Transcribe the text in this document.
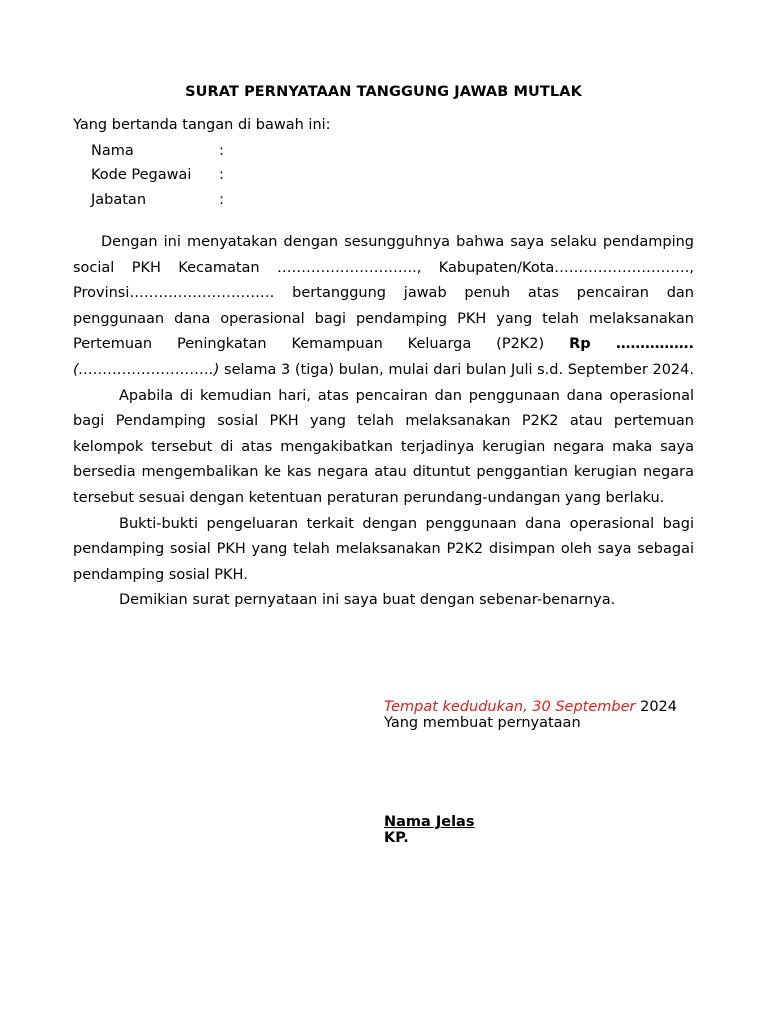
SURAT PERNYATAAN TANGGUNG JAWAB MUTLAK
Yang bertanda tangan di bawah ini:
Nama	:
Kode Pegawai	:
Jabatan	:

Dengan ini menyatakan dengan sesungguhnya bahwa saya selaku pendamping social PKH Kecamatan ……………………….., Kabupaten/Kota………………………., Provinsi………………………… bertanggung jawab penuh atas pencairan dan penggunaan dana operasional bagi pendamping PKH yang telah melaksanakan Pertemuan Peningkatan Kemampuan Keluarga (P2K2) Rp ……………. (……………………….) selama 3 (tiga) bulan, mulai dari bulan Juli s.d. September 2024.

Apabila di kemudian hari, atas pencairan dan penggunaan dana operasional bagi Pendamping sosial PKH yang telah melaksanakan P2K2 atau pertemuan kelompok tersebut di atas mengakibatkan terjadinya kerugian negara maka saya bersedia mengembalikan ke kas negara atau dituntut penggantian kerugian negara tersebut sesuai dengan ketentuan peraturan perundang-undangan yang berlaku.

Bukti-bukti pengeluaran terkait dengan penggunaan dana operasional bagi pendamping sosial PKH yang telah melaksanakan P2K2 disimpan oleh saya sebagai pendamping sosial PKH.

Demikian surat pernyataan ini saya buat dengan sebenar-benarnya.

Tempat kedudukan, 30 September 2024
Yang membuat pernyataan
Nama Jelas
KP.
